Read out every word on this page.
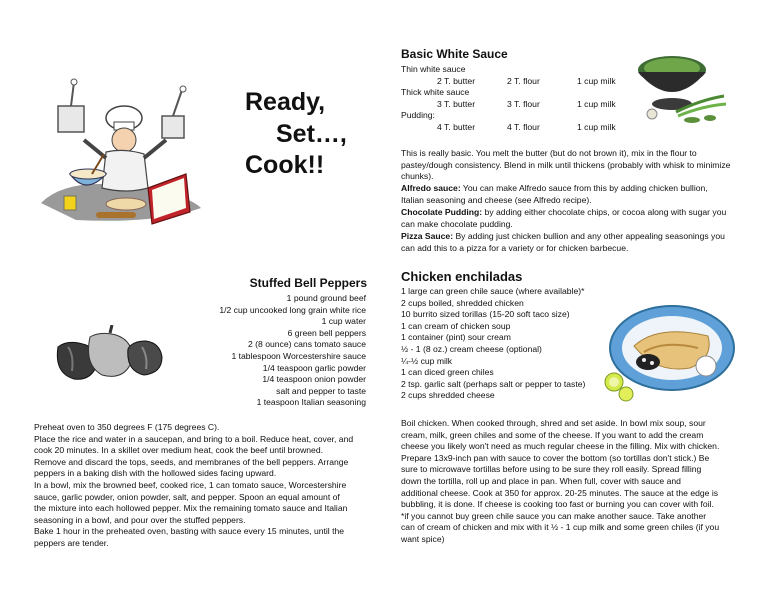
Ready,
Set…,
Cook!!
Basic White Sauce
Thin white sauce
2 T. butter	2 T. flour	1 cup milk
Thick white sauce
3 T. butter	3 T. flour	1 cup milk
Pudding:
4 T. butter	4 T. flour	1 cup milk
This is really basic. You melt the butter (but do not brown it), mix in the flour to pastey/dough consistency. Blend in milk until thickens (probably with whisk to minimize chunks).
Alfredo sauce: You can make Alfredo sauce from this by adding chicken bullion, Italian seasoning and cheese (see Alfredo recipe).
Chocolate Pudding: by adding either chocolate chips, or cocoa along with sugar you can make chocolate pudding.
Pizza Sauce: By adding just chicken bullion and any other appealing seasonings you can add this to a pizza for a variety or for chicken barbecue.
Stuffed Bell Peppers
1 pound ground beef
1/2 cup uncooked long grain white rice
1 cup water
6 green bell peppers
2 (8 ounce) cans tomato sauce
1 tablespoon Worcestershire sauce
1/4 teaspoon garlic powder
1/4 teaspoon onion powder
salt and pepper to taste
1 teaspoon Italian seasoning
Preheat oven to 350 degrees F (175 degrees C).
Place the rice and water in a saucepan, and bring to a boil. Reduce heat, cover, and
cook 20 minutes. In a skillet over medium heat, cook the beef until browned.
Remove and discard the tops, seeds, and membranes of the bell peppers. Arrange
peppers in a baking dish with the hollowed sides facing upward.
In a bowl, mix the browned beef, cooked rice, 1 can tomato sauce, Worcestershire
sauce, garlic powder, onion powder, salt, and pepper. Spoon an equal amount of
the mixture into each hollowed pepper. Mix the remaining tomato sauce and Italian
seasoning in a bowl, and pour over the stuffed peppers.
Bake 1 hour in the preheated oven, basting with sauce every 15 minutes, until the
peppers are tender.
Chicken enchiladas
1 large can green chile sauce (where available)*
2 cups boiled, shredded chicken
10 burrito sized torillas (15-20 soft taco size)
1 can cream of chicken soup
1 container (pint) sour cream
½ - 1 (8 oz.) cream cheese (optional)
¼-½ cup milk
1 can diced green chiles
2 tsp. garlic salt (perhaps salt or pepper to taste)
2 cups shredded cheese
Boil chicken. When cooked through, shred and set aside. In bowl mix soup, sour
cream, milk, green chiles and some of the cheese. If you want to add the cream
cheese you likely won't need as much regular cheese in the filling. Mix with chicken.
Prepare 13x9-inch pan with sauce to cover the bottom (so tortillas don't stick.) Be
sure to microwave tortillas before using to be sure they roll easily. Spread filling
down the tortilla, roll up and place in pan. When full, cover with sauce and
additional cheese. Cook at 350 for approx. 20-25 minutes. The sauce at the edge is
bubbling, it is done. If cheese is cooking too fast or burning you can cover with foil.
*if you cannot buy green chile sauce you can make another sauce. Take another
can of cream of chicken and mix with it ½ - 1 cup milk and some green chiles (if you
want spice)
